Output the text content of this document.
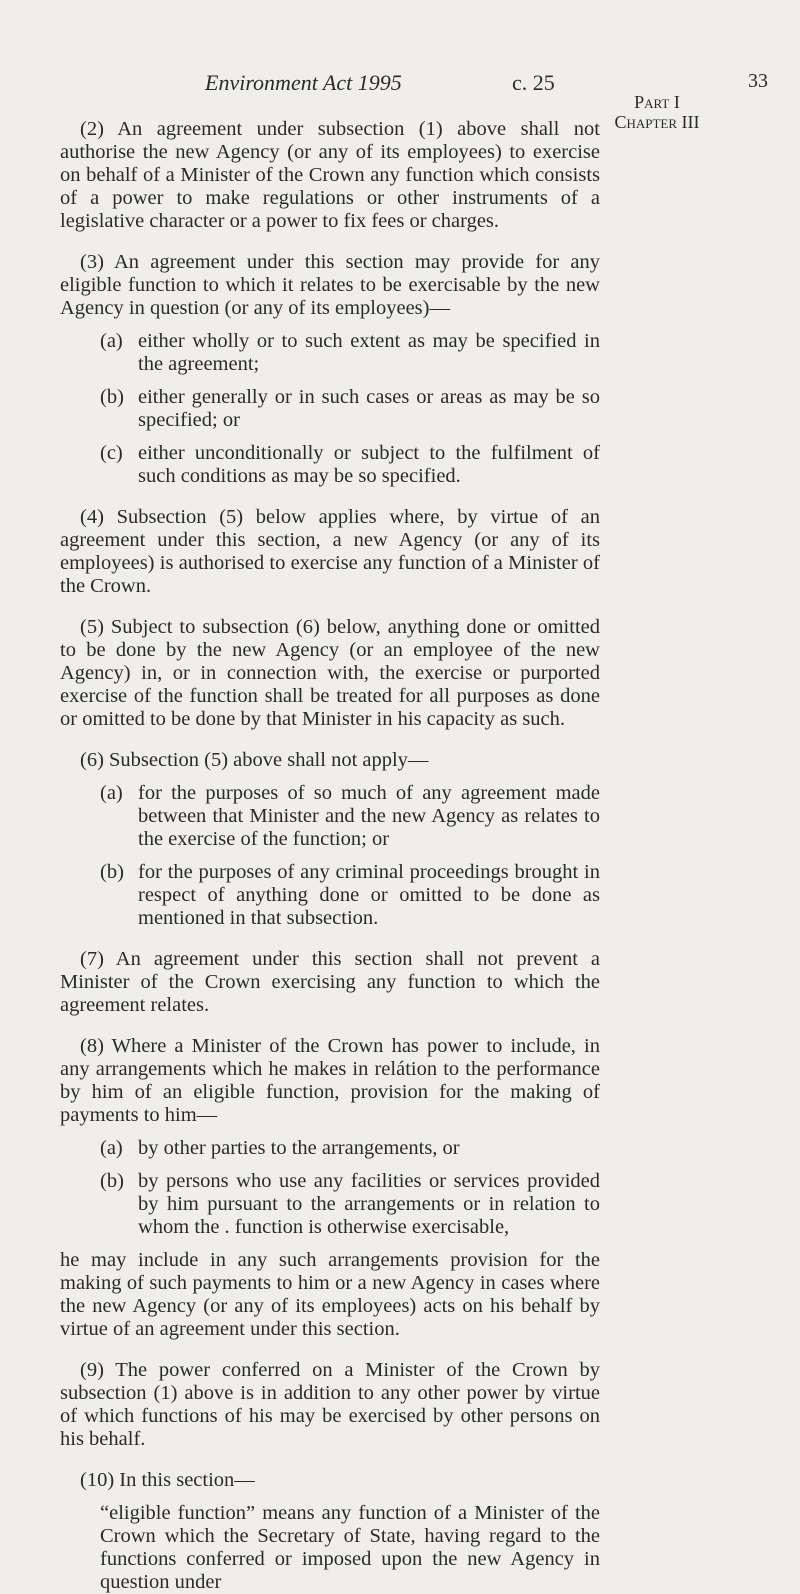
Environment Act 1995	c. 25	33
Part I
Chapter III

(2) An agreement under subsection (1) above shall not authorise the new Agency (or any of its employees) to exercise on behalf of a Minister of the Crown any function which consists of a power to make regulations or other instruments of a legislative character or a power to fix fees or charges.

(3) An agreement under this section may provide for any eligible function to which it relates to be exercisable by the new Agency in question (or any of its employees)—

(a) either wholly or to such extent as may be specified in the agreement;
(b) either generally or in such cases or areas as may be so specified; or
(c) either unconditionally or subject to the fulfilment of such conditions as may be so specified.

(4) Subsection (5) below applies where, by virtue of an agreement under this section, a new Agency (or any of its employees) is authorised to exercise any function of a Minister of the Crown.

(5) Subject to subsection (6) below, anything done or omitted to be done by the new Agency (or an employee of the new Agency) in, or in connection with, the exercise or purported exercise of the function shall be treated for all purposes as done or omitted to be done by that Minister in his capacity as such.

(6) Subsection (5) above shall not apply—

(a) for the purposes of so much of any agreement made between that Minister and the new Agency as relates to the exercise of the function; or
(b) for the purposes of any criminal proceedings brought in respect of anything done or omitted to be done as mentioned in that subsection.

(7) An agreement under this section shall not prevent a Minister of the Crown exercising any function to which the agreement relates.

(8) Where a Minister of the Crown has power to include, in any arrangements which he makes in relátion to the performance by him of an eligible function, provision for the making of payments to him—

(a) by other parties to the arrangements, or
(b) by persons who use any facilities or services provided by him pursuant to the arrangements or in relation to whom the . function is otherwise exercisable,

he may include in any such arrangements provision for the making of such payments to him or a new Agency in cases where the new Agency (or any of its employees) acts on his behalf by virtue of an agreement under this section.

(9) The power conferred on a Minister of the Crown by subsection (1) above is in addition to any other power by virtue of which functions of his may be exercised by other persons on his behalf.

(10) In this section—

“eligible function” means any function of a Minister of the Crown which the Secretary of State, having regard to the functions conferred or imposed upon the new Agency in question under
